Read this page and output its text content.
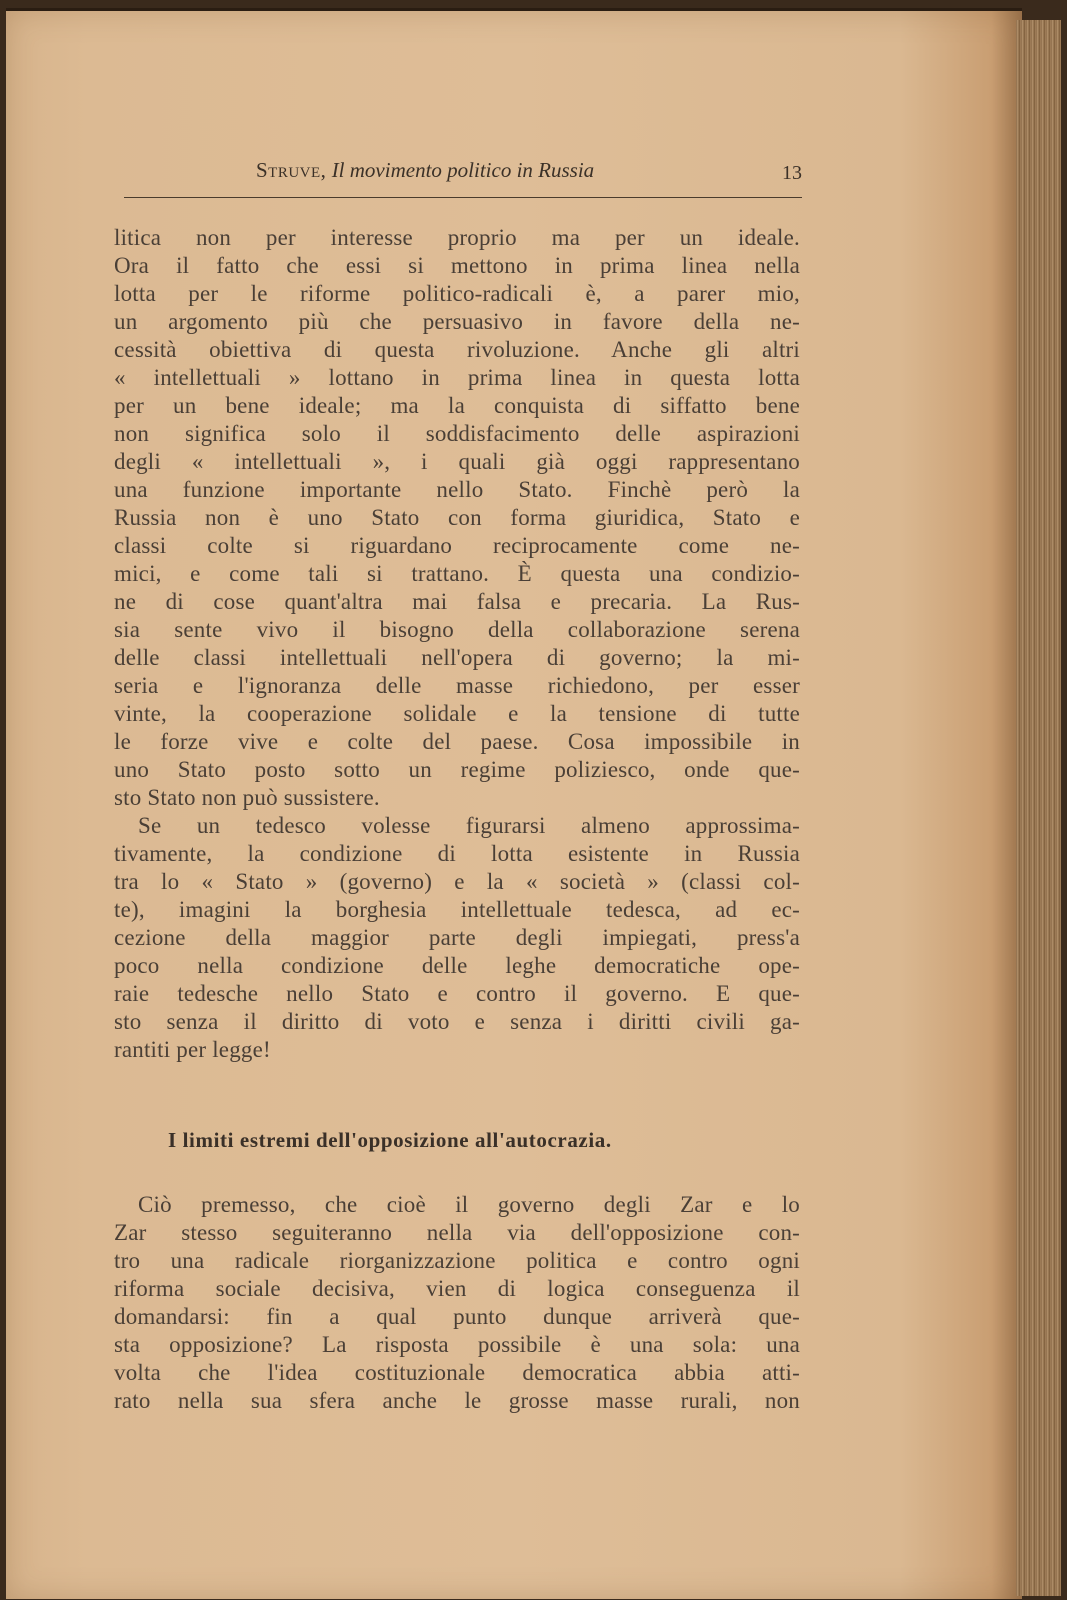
Struve, Il movimento politico in Russia	13
litica non per interesse proprio ma per un ideale.
Ora il fatto che essi si mettono in prima linea nella
lotta per le riforme politico-radicali è, a parer mio,
un argomento più che persuasivo in favore della ne-
cessità obiettiva di questa rivoluzione. Anche gli altri
« intellettuali » lottano in prima linea in questa lotta
per un bene ideale; ma la conquista di siffatto bene
non significa solo il soddisfacimento delle aspirazioni
degli « intellettuali », i quali già oggi rappresentano
una funzione importante nello Stato. Finchè però la
Russia non è uno Stato con forma giuridica, Stato e
classi colte si riguardano reciprocamente come ne-
mici, e come tali si trattano. È questa una condizio-
ne di cose quant'altra mai falsa e precaria. La Rus-
sia sente vivo il bisogno della collaborazione serena
delle classi intellettuali nell'opera di governo; la mi-
seria e l'ignoranza delle masse richiedono, per esser
vinte, la cooperazione solidale e la tensione di tutte
le forze vive e colte del paese. Cosa impossibile in
uno Stato posto sotto un regime poliziesco, onde que-
sto Stato non può sussistere.
Se un tedesco volesse figurarsi almeno approssima-
tivamente, la condizione di lotta esistente in Russia
tra lo « Stato » (governo) e la « società » (classi col-
te), imagini la borghesia intellettuale tedesca, ad ec-
cezione della maggior parte degli impiegati, press'a
poco nella condizione delle leghe democratiche ope-
raie tedesche nello Stato e contro il governo. E que-
sto senza il diritto di voto e senza i diritti civili ga-
rantiti per legge!
I limiti estremi dell'opposizione all'autocrazia.
Ciò premesso, che cioè il governo degli Zar e lo
Zar stesso seguiteranno nella via dell'opposizione con-
tro una radicale riorganizzazione politica e contro ogni
riforma sociale decisiva, vien di logica conseguenza il
domandarsi: fin a qual punto dunque arriverà que-
sta opposizione? La risposta possibile è una sola: una
volta che l'idea costituzionale democratica abbia atti-
rato nella sua sfera anche le grosse masse rurali, non
